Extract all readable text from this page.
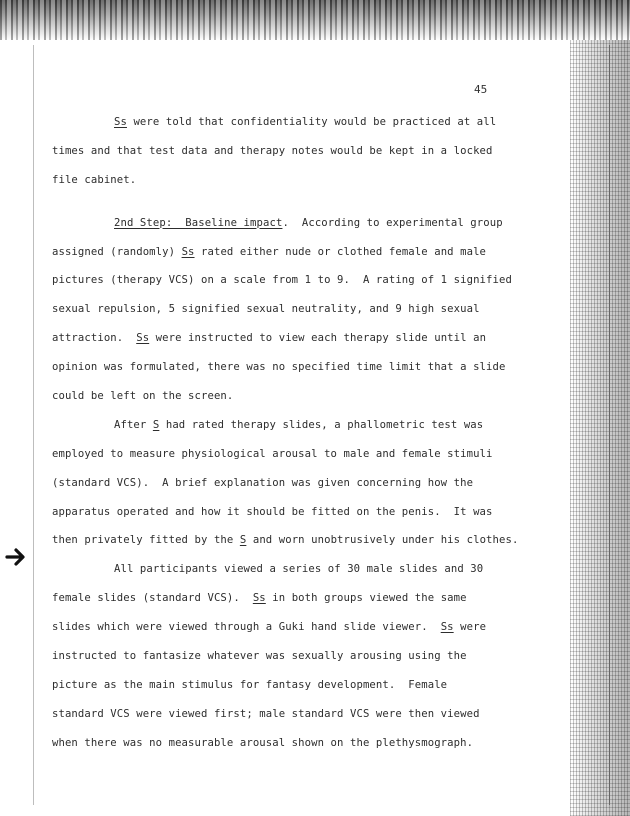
45
Ss were told that confidentiality would be practiced at all
times and that test data and therapy notes would be kept in a locked
file cabinet.
2nd Step:  Baseline impact.  According to experimental group
assigned (randomly) Ss rated either nude or clothed female and male
pictures (therapy VCS) on a scale from 1 to 9.  A rating of 1 signified
sexual repulsion, 5 signified sexual neutrality, and 9 high sexual
attraction.  Ss were instructed to view each therapy slide until an
opinion was formulated, there was no specified time limit that a slide
could be left on the screen.
After S had rated therapy slides, a phallometric test was
employed to measure physiological arousal to male and female stimuli
(standard VCS).  A brief explanation was given concerning how the
apparatus operated and how it should be fitted on the penis.  It was
then privately fitted by the S and worn unobtrusively under his clothes.
All participants viewed a series of 30 male slides and 30
female slides (standard VCS).  Ss in both groups viewed the same
slides which were viewed through a Guki hand slide viewer.  Ss were
instructed to fantasize whatever was sexually arousing using the
picture as the main stimulus for fantasy development.  Female
standard VCS were viewed first; male standard VCS were then viewed
when there was no measurable arousal shown on the plethysmograph.
